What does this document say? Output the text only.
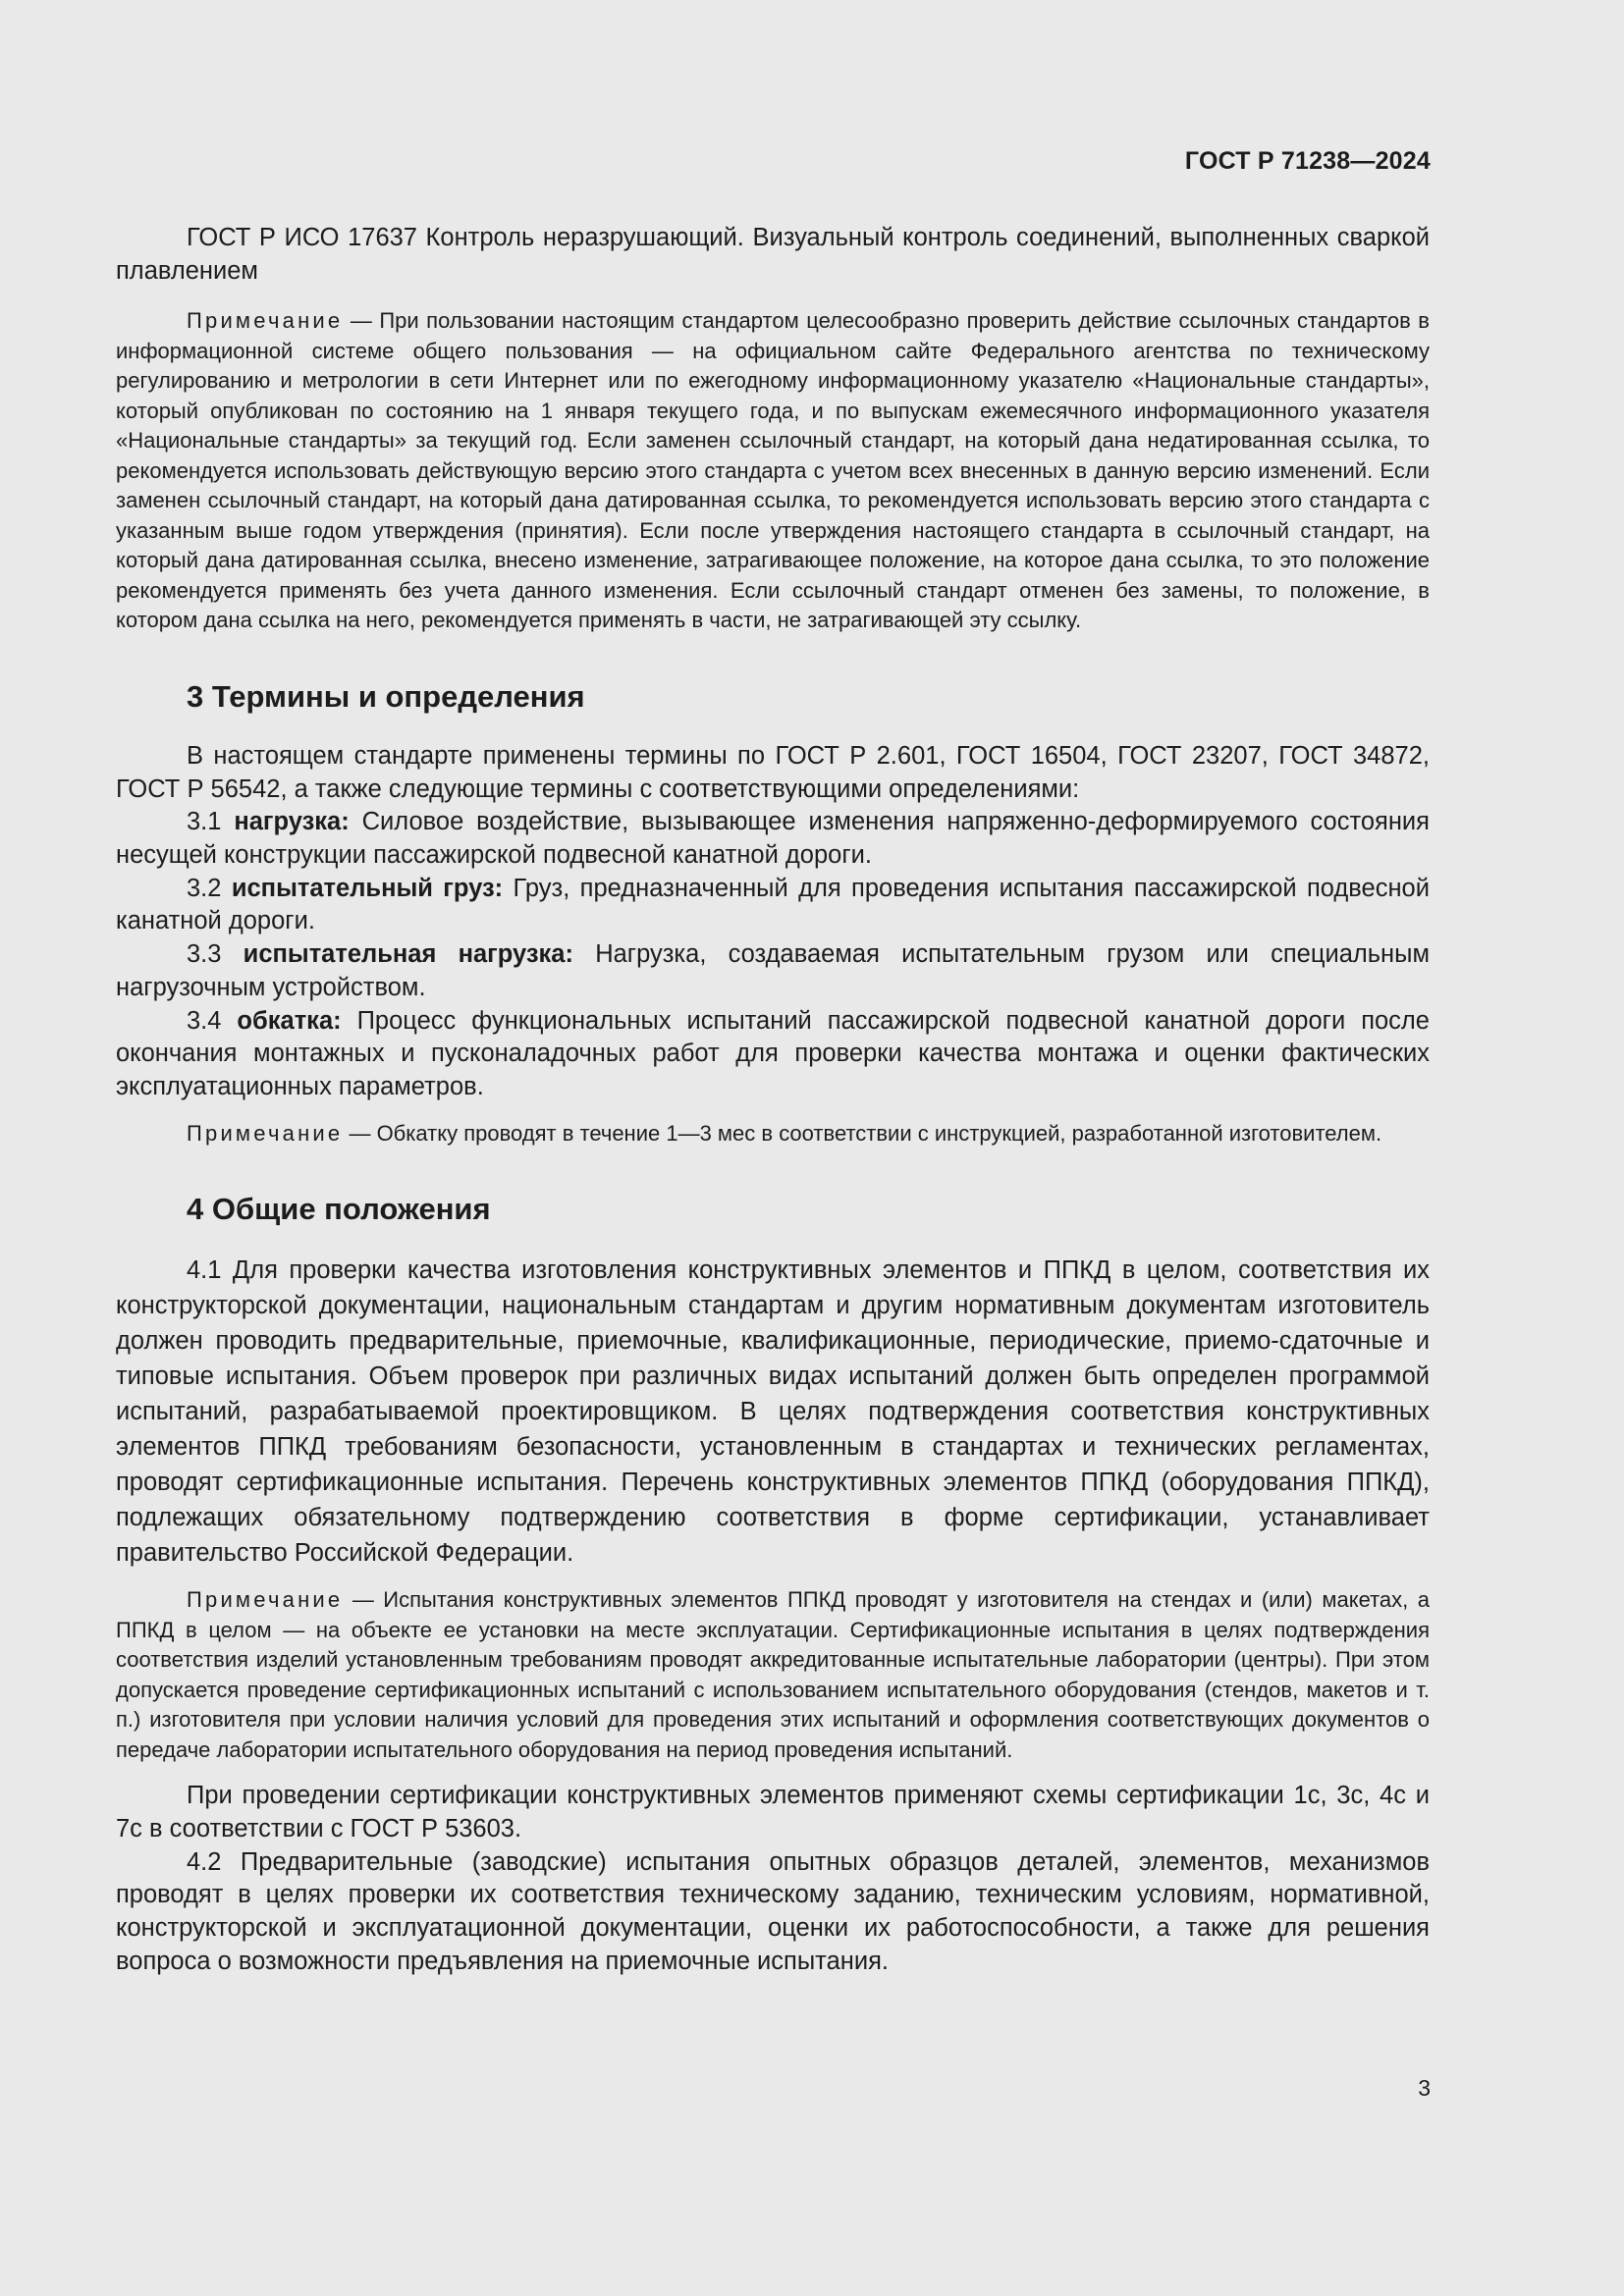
ГОСТ Р 71238—2024

ГОСТ Р ИСО 17637 Контроль неразрушающий. Визуальный контроль соединений, выполненных сваркой плавлением

Примечание — При пользовании настоящим стандартом целесообразно проверить действие ссылочных стандартов в информационной системе общего пользования — на официальном сайте Федерального агентства по техническому регулированию и метрологии в сети Интернет или по ежегодному информационному указателю «Национальные стандарты», который опубликован по состоянию на 1 января текущего года, и по выпускам ежемесячного информационного указателя «Национальные стандарты» за текущий год. Если заменен ссылочный стандарт, на который дана недатированная ссылка, то рекомендуется использовать действующую версию этого стандарта с учетом всех внесенных в данную версию изменений. Если заменен ссылочный стандарт, на который дана датированная ссылка, то рекомендуется использовать версию этого стандарта с указанным выше годом утверждения (принятия). Если после утверждения настоящего стандарта в ссылочный стандарт, на который дана датированная ссылка, внесено изменение, затрагивающее положение, на которое дана ссылка, то это положение рекомендуется применять без учета данного изменения. Если ссылочный стандарт отменен без замены, то положение, в котором дана ссылка на него, рекомендуется применять в части, не затрагивающей эту ссылку.

3 Термины и определения

В настоящем стандарте применены термины по ГОСТ Р 2.601, ГОСТ 16504, ГОСТ 23207, ГОСТ 34872, ГОСТ Р 56542, а также следующие термины с соответствующими определениями:

3.1 нагрузка: Силовое воздействие, вызывающее изменения напряженно-деформируемого состояния несущей конструкции пассажирской подвесной канатной дороги.

3.2 испытательный груз: Груз, предназначенный для проведения испытания пассажирской подвесной канатной дороги.

3.3 испытательная нагрузка: Нагрузка, создаваемая испытательным грузом или специальным нагрузочным устройством.

3.4 обкатка: Процесс функциональных испытаний пассажирской подвесной канатной дороги после окончания монтажных и пусконаладочных работ для проверки качества монтажа и оценки фактических эксплуатационных параметров.

Примечание — Обкатку проводят в течение 1—3 мес в соответствии с инструкцией, разработанной изготовителем.

4 Общие положения

4.1 Для проверки качества изготовления конструктивных элементов и ППКД в целом, соответствия их конструкторской документации, национальным стандартам и другим нормативным документам изготовитель должен проводить предварительные, приемочные, квалификационные, периодические, приемо-сдаточные и типовые испытания. Объем проверок при различных видах испытаний должен быть определен программой испытаний, разрабатываемой проектировщиком. В целях подтверждения соответствия конструктивных элементов ППКД требованиям безопасности, установленным в стандартах и технических регламентах, проводят сертификационные испытания. Перечень конструктивных элементов ППКД (оборудования ППКД), подлежащих обязательному подтверждению соответствия в форме сертификации, устанавливает правительство Российской Федерации.

Примечание — Испытания конструктивных элементов ППКД проводят у изготовителя на стендах и (или) макетах, а ППКД в целом — на объекте ее установки на месте эксплуатации. Сертификационные испытания в целях подтверждения соответствия изделий установленным требованиям проводят аккредитованные испытательные лаборатории (центры). При этом допускается проведение сертификационных испытаний с использованием испытательного оборудования (стендов, макетов и т. п.) изготовителя при условии наличия условий для проведения этих испытаний и оформления соответствующих документов о передаче лаборатории испытательного оборудования на период проведения испытаний.

При проведении сертификации конструктивных элементов применяют схемы сертификации 1с, 3с, 4с и 7с в соответствии с ГОСТ Р 53603.

4.2 Предварительные (заводские) испытания опытных образцов деталей, элементов, механизмов проводят в целях проверки их соответствия техническому заданию, техническим условиям, нормативной, конструкторской и эксплуатационной документации, оценки их работоспособности, а также для решения вопроса о возможности предъявления на приемочные испытания.

3
